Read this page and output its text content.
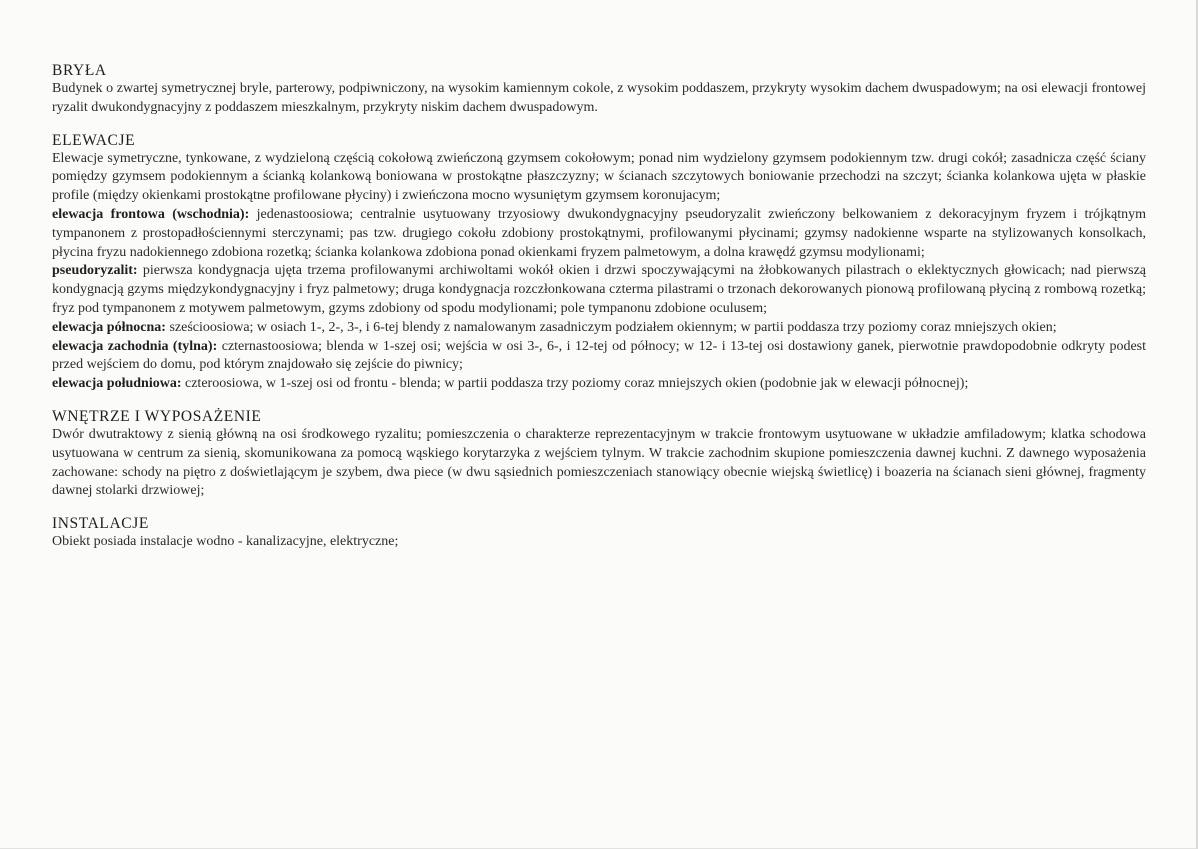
BRYŁA

Budynek o zwartej symetrycznej bryle, parterowy, podpiwniczony, na wysokim kamiennym cokole, z wysokim poddaszem, przykryty wysokim dachem dwuspadowym; na osi elewacji frontowej ryzalit dwukondygnacyjny z poddaszem mieszkalnym, przykryty niskim dachem dwuspadowym.

ELEWACJE

Elewacje symetryczne, tynkowane, z wydzieloną częścią cokołową zwieńczoną gzymsem cokołowym; ponad nim wydzielony gzymsem podokiennym tzw. drugi cokół; zasadnicza część ściany pomiędzy gzymsem podokiennym a ścianką kolankową boniowana w prostokątne płaszczyzny; w ścianach szczytowych boniowanie przechodzi na szczyt; ścianka kolankowa ujęta w płaskie profile (między okienkami prostokątne profilowane płyciny) i zwieńczona mocno wysuniętym gzymsem koronujacym;

elewacja frontowa (wschodnia): jedenastoosiowa; centralnie usytuowany trzyosiowy dwukondygnacyjny pseudoryzalit zwieńczony belkowaniem z dekoracyjnym fryzem i trójkątnym tympanonem z prostopadłościennymi sterczynami; pas tzw. drugiego cokołu zdobiony prostokątnymi, profilowanymi płycinami; gzymsy nadokienne wsparte na stylizowanych konsolkach, płycina fryzu nadokiennego zdobiona rozetką; ścianka kolankowa zdobiona ponad okienkami fryzem palmetowym, a dolna krawędź gzymsu modylionami;

pseudoryzalit: pierwsza kondygnacja ujęta trzema profilowanymi archiwoltami wokół okien i drzwi spoczywającymi na żłobkowanych pilastrach o eklektycznych głowicach; nad pierwszą kondygnacją gzyms międzykondygnacyjny i fryz palmetowy; druga kondygnacja rozczłonkowana czterma pilastrami o trzonach dekorowanych pionową profilowaną płyciną z rombową rozetką; fryz pod tympanonem z motywem palmetowym, gzyms zdobiony od spodu modylionami; pole tympanonu zdobione oculusem;

elewacja północna: sześcioosiowa; w osiach 1-, 2-, 3-, i 6-tej blendy z namalowanym zasadniczym podziałem okiennym; w partii poddasza trzy poziomy coraz mniejszych okien;

elewacja zachodnia (tylna): czternastoosiowa; blenda w 1-szej osi; wejścia w osi 3-, 6-, i 12-tej od północy; w 12- i 13-tej osi dostawiony ganek, pierwotnie prawdopodobnie odkryty podest przed wejściem do domu, pod którym znajdowało się zejście do piwnicy;

elewacja południowa: czteroosiowa, w 1-szej osi od frontu - blenda; w partii poddasza trzy poziomy coraz mniejszych okien (podobnie jak w elewacji północnej);

WNĘTRZE I WYPOSAŻENIE

Dwór dwutraktowy z sienią główną na osi środkowego ryzalitu; pomieszczenia o charakterze reprezentacyjnym w trakcie frontowym usytuowane w układzie amfiladowym; klatka schodowa usytuowana w centrum za sienią, skomunikowana za pomocą wąskiego korytarzyka z wejściem tylnym. W trakcie zachodnim skupione pomieszczenia dawnej kuchni. Z dawnego wyposażenia zachowane: schody na piętro z doświetlającym je szybem, dwa piece (w dwu sąsiednich pomieszczeniach stanowiący obecnie wiejską świetlicę) i boazeria na ścianach sieni głównej, fragmenty dawnej stolarki drzwiowej;

INSTALACJE

Obiekt posiada instalacje wodno - kanalizacyjne, elektryczne;
